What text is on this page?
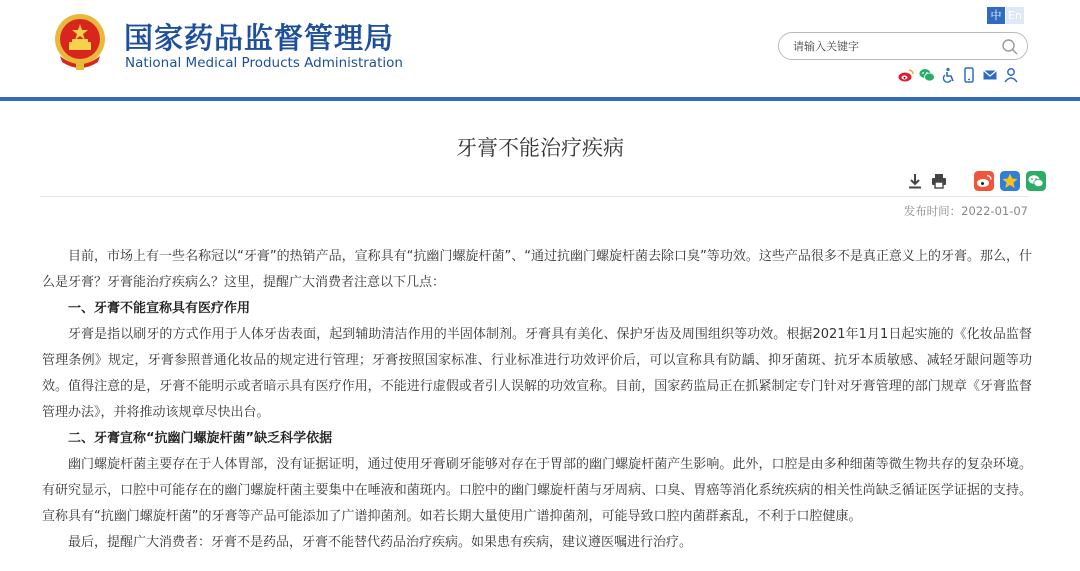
国家药品监督管理局
National Medical Products Administration
中 En
请输入关键字
牙膏不能治疗疾病
发布时间：2022-01-07

目前，市场上有一些名称冠以“牙膏”的热销产品，宣称具有“抗幽门螺旋杆菌”、“通过抗幽门螺旋杆菌去除口臭”等功效。这些产品很多不是真正意义上的牙膏。那么，什么是牙膏？牙膏能治疗疾病么？这里，提醒广大消费者注意以下几点：

一、牙膏不能宣称具有医疗作用

牙膏是指以刷牙的方式作用于人体牙齿表面，起到辅助清洁作用的半固体制剂。牙膏具有美化、保护牙齿及周围组织等功效。根据2021年1月1日起实施的《化妆品监督管理条例》规定，牙膏参照普通化妆品的规定进行管理；牙膏按照国家标准、行业标准进行功效评价后，可以宣称具有防龋、抑牙菌斑、抗牙本质敏感、减轻牙龈问题等功效。值得注意的是，牙膏不能明示或者暗示具有医疗作用，不能进行虚假或者引人误解的功效宣称。目前，国家药监局正在抓紧制定专门针对牙膏管理的部门规章《牙膏监督管理办法》，并将推动该规章尽快出台。

二、牙膏宣称“抗幽门螺旋杆菌”缺乏科学依据

幽门螺旋杆菌主要存在于人体胃部，没有证据证明，通过使用牙膏刷牙能够对存在于胃部的幽门螺旋杆菌产生影响。此外，口腔是由多种细菌等微生物共存的复杂环境。有研究显示，口腔中可能存在的幽门螺旋杆菌主要集中在唾液和菌斑内。口腔中的幽门螺旋杆菌与牙周病、口臭、胃癌等消化系统疾病的相关性尚缺乏循证医学证据的支持。宣称具有“抗幽门螺旋杆菌”的牙膏等产品可能添加了广谱抑菌剂。如若长期大量使用广谱抑菌剂，可能导致口腔内菌群紊乱，不利于口腔健康。

最后，提醒广大消费者：牙膏不是药品，牙膏不能替代药品治疗疾病。如果患有疾病，建议遵医嘱进行治疗。
